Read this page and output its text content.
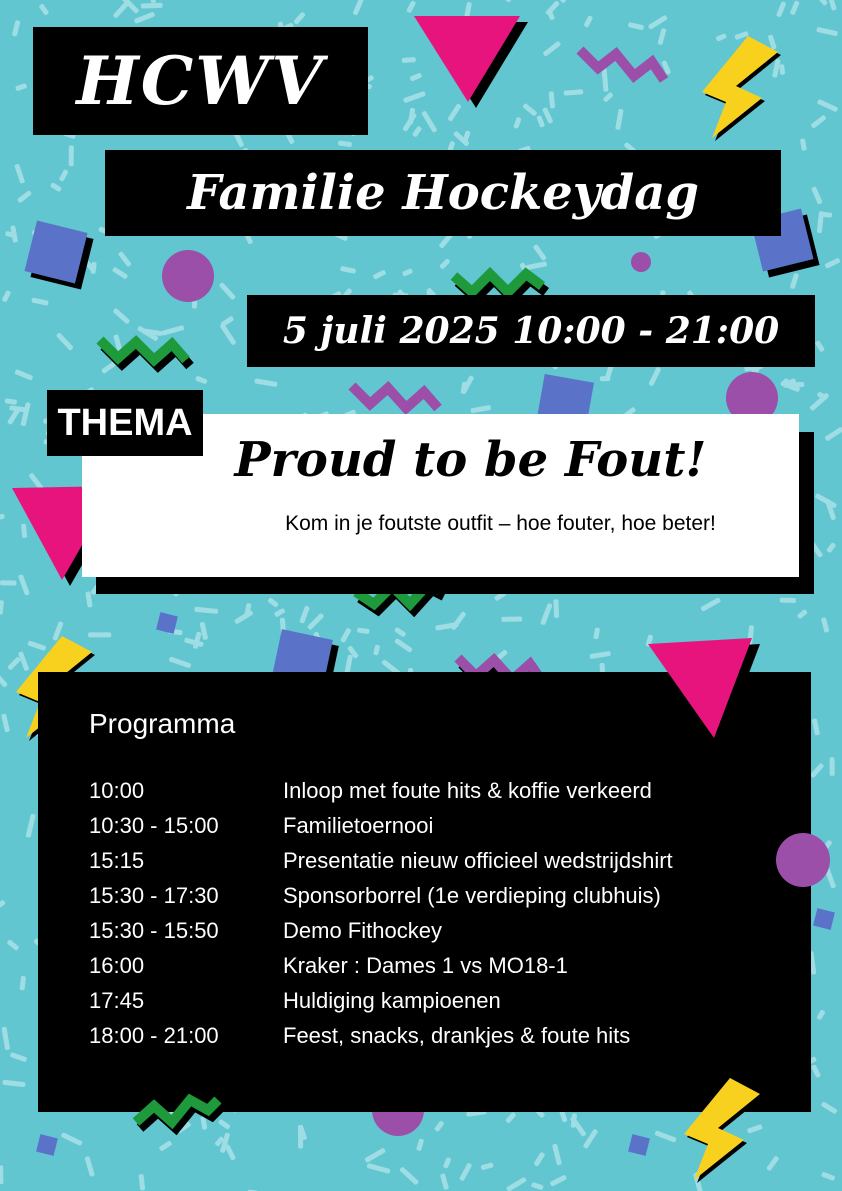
HCWV
Familie Hockeydag
5 juli 2025 10:00 - 21:00
Proud to be Fout!
Kom in je foutste outfit – hoe fouter, hoe beter!
THEMA
Programma
10:00	Inloop met foute hits & koffie verkeerd
10:30 - 15:00	Familietoernooi
15:15	Presentatie nieuw officieel wedstrijdshirt
15:30 - 17:30	Sponsorborrel (1e verdieping clubhuis)
15:30 - 15:50	Demo Fithockey
16:00	Kraker : Dames 1 vs MO18-1
17:45	Huldiging kampioenen
18:00 - 21:00	Feest, snacks, drankjes & foute hits
